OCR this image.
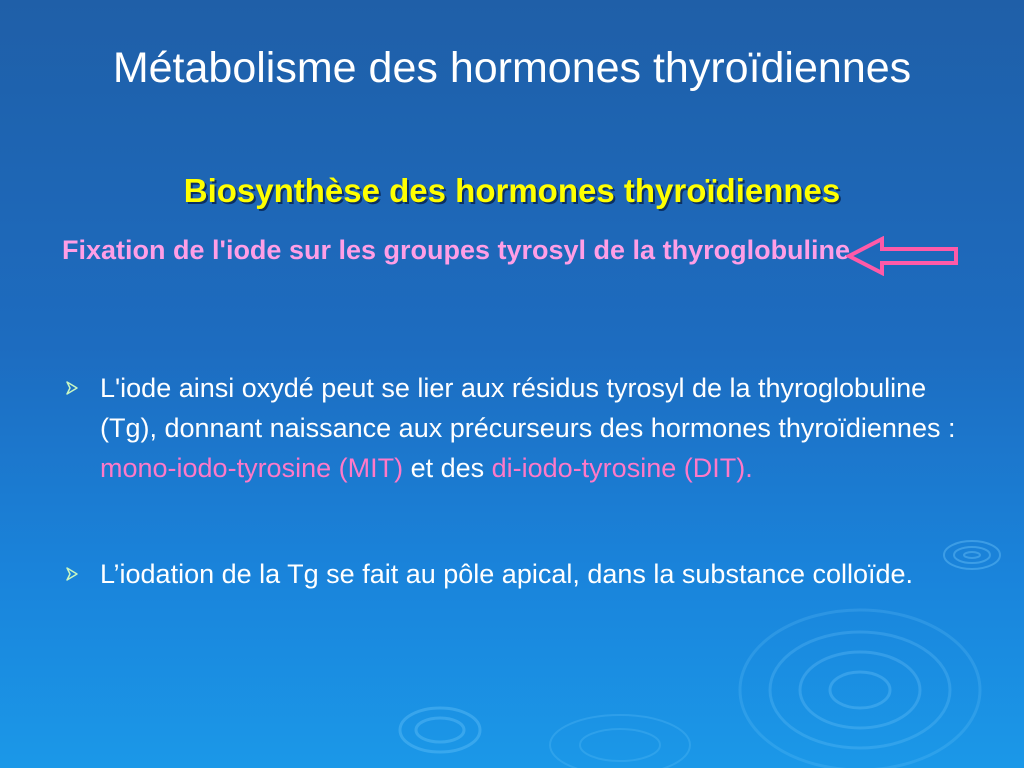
Métabolisme des hormones thyroïdiennes
Biosynthèse des hormones thyroïdiennes
Fixation de l'iode sur les groupes tyrosyl de la thyroglobuline
L'iode ainsi oxydé peut se lier aux résidus tyrosyl de la thyroglobuline (Tg), donnant naissance aux précurseurs des hormones thyroïdiennes : mono-iodo-tyrosine (MIT) et des di-iodo-tyrosine (DIT).
L’iodation de la Tg se fait au pôle apical, dans la substance colloïde.
